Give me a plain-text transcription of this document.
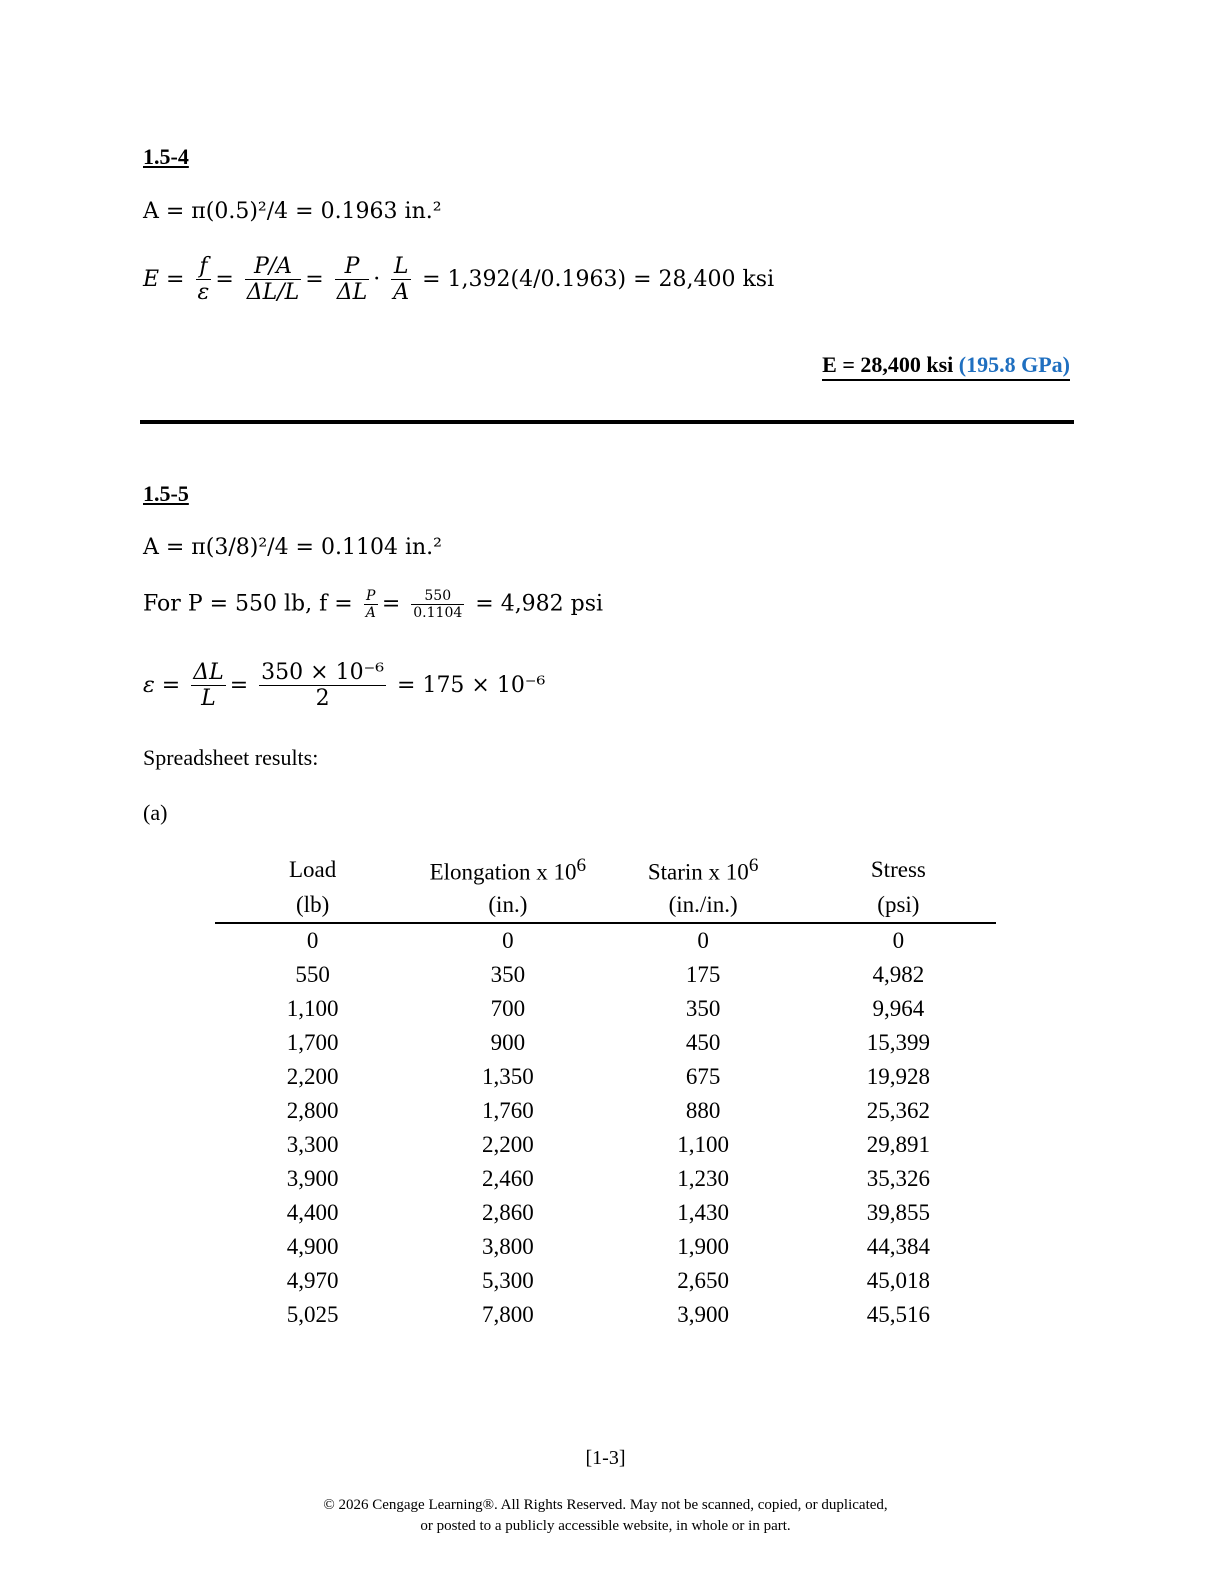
1.5-4
A = π(0.5)²/4 = 0.1963 in.²
$E = \frac{f}{\varepsilon} = \frac{P/A}{\Delta L/L} = \frac{P}{\Delta L} \cdot \frac{L}{A} = 1,392(4/0.1963) = 28,400$ ksi
E = 28,400 ksi (195.8 GPa)
1.5-5
A = π(3/8)²/4 = 0.1104 in.²
For P = 550 lb, $f = \frac{P}{A} = \frac{550}{0.1104} = 4,982$ psi
$\varepsilon = \frac{\Delta L}{L} = \frac{\text{350 × 10⁻⁶}}{2} = 175 \times 10^{-6}$
Spreadsheet results:
(a)
Load	Elongation x $10^6$	Starin x $10^6$	Stress
(lb)	(in.)	(in./in.)	(psi)
0	0	0	0
550	350	175	4,982
1,100	700	350	9,964
1,700	900	450	15,399
2,200	1,350	675	19,928
2,800	1,760	880	25,362
3,300	2,200	1,100	29,891
3,900	2,460	1,230	35,326
4,400	2,860	1,430	39,855
4,900	3,800	1,900	44,384
4,970	5,300	2,650	45,018
5,025	7,800	3,900	45,516
[1-3]
© 2026 Cengage Learning®. All Rights Reserved. May not be scanned, copied, or duplicated,
or posted to a publicly accessible website, in whole or in part.
